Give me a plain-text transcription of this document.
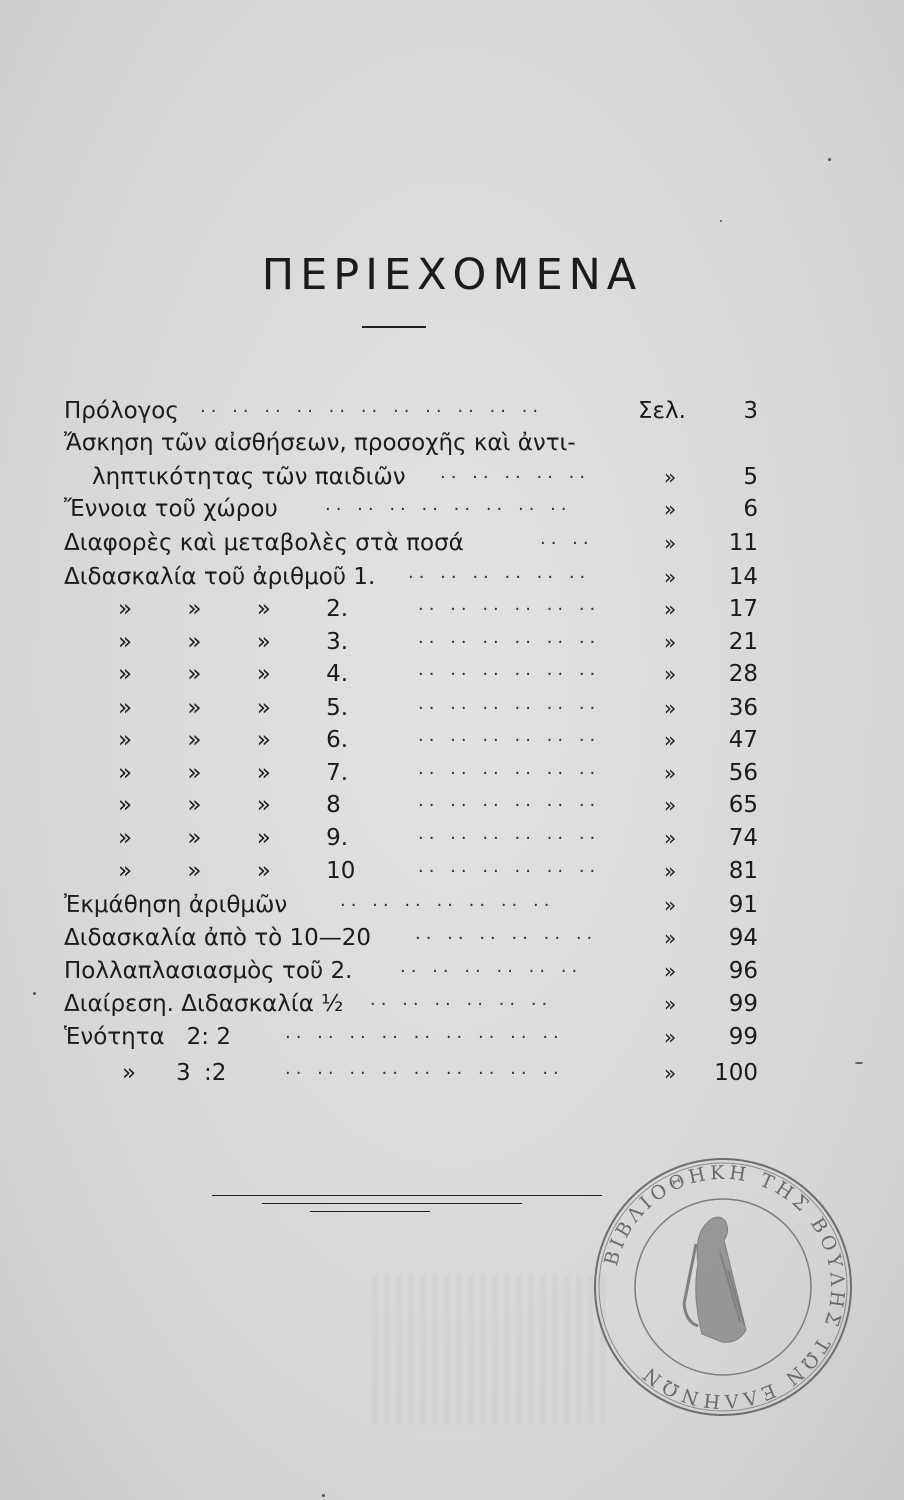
ΠΕΡΙΕΧΟΜΕΝΑ
Πρόλογος .. .. .. .. .. .. .. .. .. .. ..	Σελ.	3
Ἄσκηση τῶν αἰσθήσεων, προσοχῆς καὶ ἀντι-
ληπτικότητας τῶν παιδιῶν .. .. .. .. ..	»	5
Ἔννοια τοῦ χώρου	.. .. .. .. .. .. .. ..	»	6
Διαφορὲς καὶ μεταβολὲς στὰ ποσά	.. ..	»	11
Διδασκαλία τοῦ ἀριθμοῦ 1. .. .. .. .. .. ..	»	14
» » » 2.	.. .. .. .. .. ..	»	17
» » » 3.	.. .. .. .. .. ..	»	21
» » » 4.	.. .. .. .. .. ..	»	28
» » » 5.	.. .. .. .. .. ..	»	36
» » » 6.	.. .. .. .. .. ..	»	47
» » » 7.	.. .. .. .. .. ..	»	56
» » » 8	.. .. .. .. .. ..	»	65
» » » 9.	.. .. .. .. .. ..	»	74
» » » 10	.. .. .. .. .. ..	»	81
Ἐκμάθηση ἀριθμῶν	.. .. .. .. .. .. ..	»	91
Διδασκαλία ἀπὸ τὸ 10—20 .. .. .. .. .. ..	»	94
Πολλαπλασιασμὸς τοῦ 2.	.. .. .. .. .. ..	»	96
Διαίρεση. Διδασκαλία ½ .. .. .. .. .. ..	»	99
Ἑνότητα   2: 2	.. .. .. .. .. .. .. .. ..	»	99
»   3 :2	.. .. .. .. .. .. .. .. ..	»	100
ΒΙΒΛΙΟΘΗΚΗ ΤΗΣ ΒΟΥΛΗΣ ΤΩΝ ΕΛΛΗΝΩΝ
